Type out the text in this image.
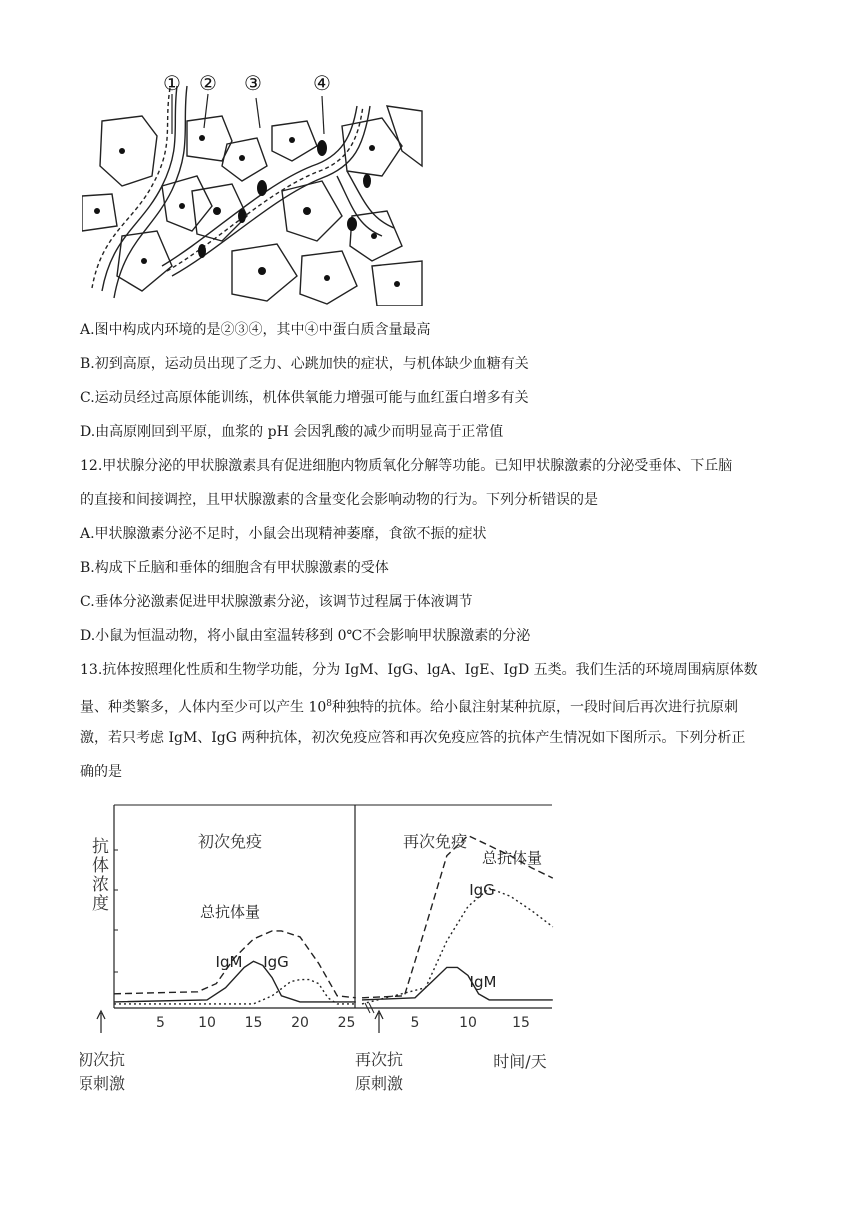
① ② ③	④
A.图中构成内环境的是②③④，其中④中蛋白质含量最高
B.初到高原，运动员出现了乏力、心跳加快的症状，与机体缺少血糖有关
C.运动员经过高原体能训练，机体供氧能力增强可能与血红蛋白增多有关
D.由高原刚回到平原，血浆的 pH 会因乳酸的减少而明显高于正常值
12.甲状腺分泌的甲状腺激素具有促进细胞内物质氧化分解等功能。已知甲状腺激素的分泌受垂体、下丘脑
的直接和间接调控，且甲状腺激素的含量变化会影响动物的行为。下列分析错误的是
A.甲状腺激素分泌不足时，小鼠会出现精神萎靡，食欲不振的症状
B.构成下丘脑和垂体的细胞含有甲状腺激素的受体
C.垂体分泌激素促进甲状腺激素分泌，该调节过程属于体液调节
D.小鼠为恒温动物，将小鼠由室温转移到 0℃不会影响甲状腺激素的分泌
13.抗体按照理化性质和生物学功能，分为 IgM、IgG、lgA、IgE、IgD 五类。我们生活的环境周围病原体数
量、种类繁多，人体内至少可以产生 $10^8$种独特的抗体。给小鼠注射某种抗原，一段时间后再次进行抗原刺
激，若只考虑 IgM、IgG 两种抗体，初次免疫应答和再次免疫应答的抗体产生情况如下图所示。下列分析正
确的是
抗体浓度	初次免疫	再次免疫
时间/天
总抗体量
IgM IgG
5 10 15 20 25
初次抗
原刺激
总抗体量
IgG
IgM
5	10	15
再次抗
原刺激
